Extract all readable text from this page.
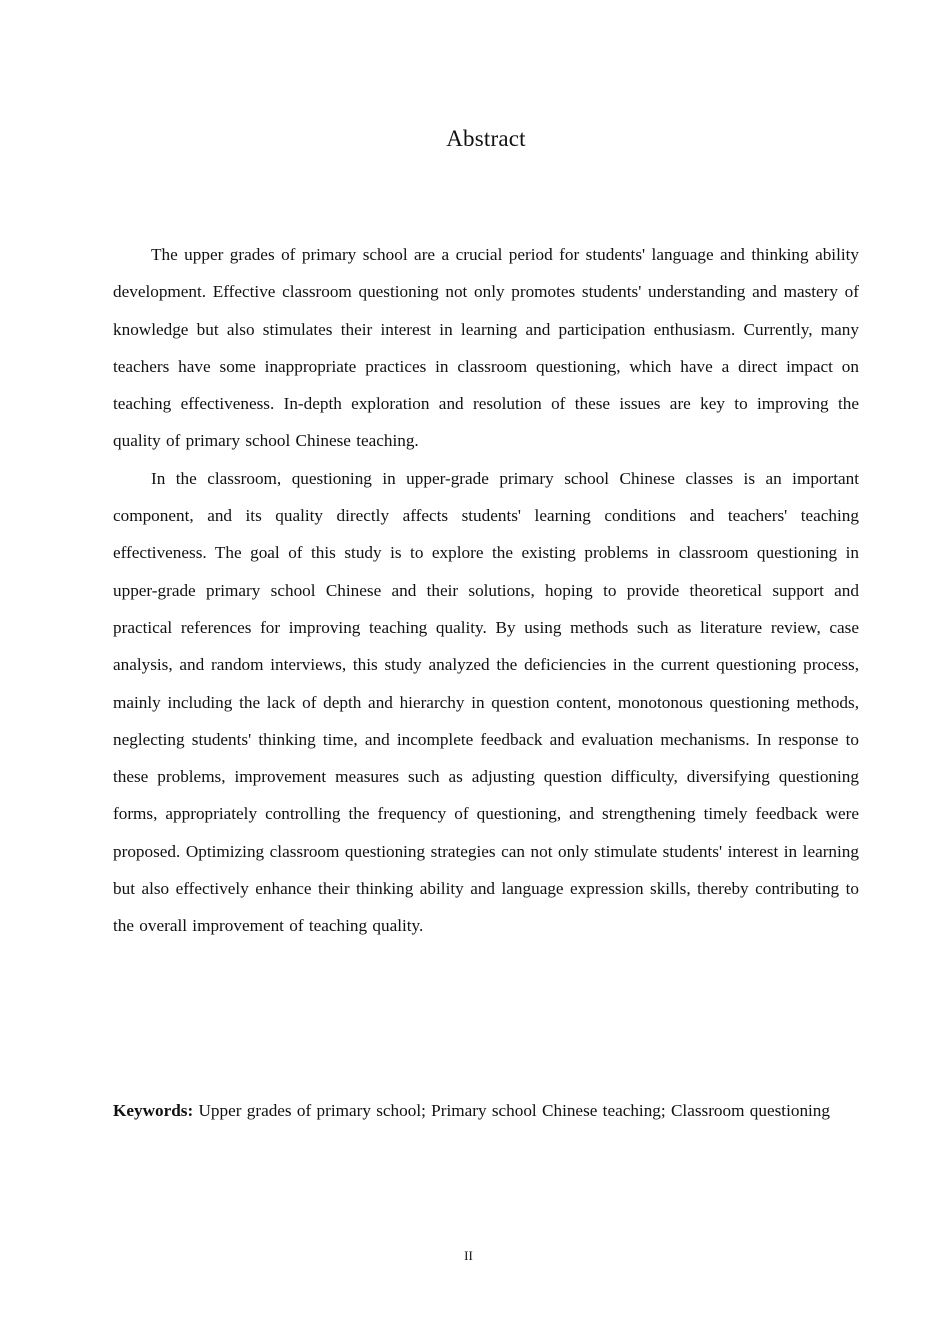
Abstract

The upper grades of primary school are a crucial period for students' language and thinking ability development. Effective classroom questioning not only promotes students' understanding and mastery of knowledge but also stimulates their interest in learning and participation enthusiasm. Currently, many teachers have some inappropriate practices in classroom questioning, which have a direct impact on teaching effectiveness. In-depth exploration and resolution of these issues are key to improving the quality of primary school Chinese teaching.

In the classroom, questioning in upper-grade primary school Chinese classes is an important component, and its quality directly affects students' learning conditions and teachers' teaching effectiveness. The goal of this study is to explore the existing problems in classroom questioning in upper-grade primary school Chinese and their solutions, hoping to provide theoretical support and practical references for improving teaching quality. By using methods such as literature review, case analysis, and random interviews, this study analyzed the deficiencies in the current questioning process, mainly including the lack of depth and hierarchy in question content, monotonous questioning methods, neglecting students' thinking time, and incomplete feedback and evaluation mechanisms. In response to these problems, improvement measures such as adjusting question difficulty, diversifying questioning forms, appropriately controlling the frequency of questioning, and strengthening timely feedback were proposed. Optimizing classroom questioning strategies can not only stimulate students' interest in learning but also effectively enhance their thinking ability and language expression skills, thereby contributing to the overall improvement of teaching quality.

Keywords: Upper grades of primary school; Primary school Chinese teaching; Classroom questioning
II
